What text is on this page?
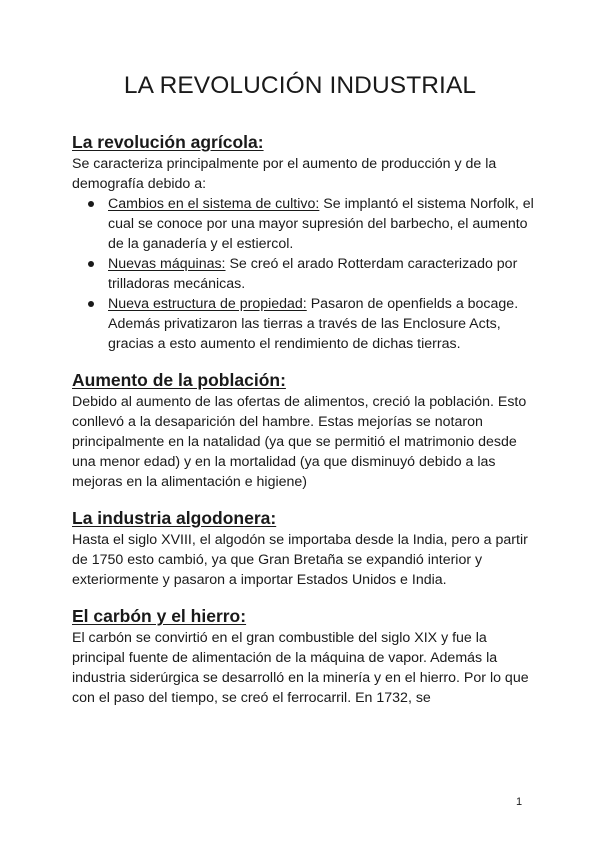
LA REVOLUCIÓN INDUSTRIAL
La revolución agrícola:

Se caracteriza principalmente por el aumento de producción y de la demografía debido a:

Cambios en el sistema de cultivo: Se implantó el sistema Norfolk, el cual se conoce por una mayor supresión del barbecho, el aumento de la ganadería y el estiercol.
Nuevas máquinas: Se creó el arado Rotterdam caracterizado por trilladoras mecánicas.
Nueva estructura de propiedad: Pasaron de openfields a bocage. Además privatizaron las tierras a través de las Enclosure Acts, gracias a esto aumento el rendimiento de dichas tierras.
Aumento de la población:

Debido al aumento de las ofertas de alimentos, creció la población. Esto conllevó a la desaparición del hambre. Estas mejorías se notaron principalmente en la natalidad (ya que se permitió el matrimonio desde una menor edad) y en la mortalidad (ya que disminuyó debido a las mejoras en la alimentación e higiene)

La industria algodonera:

Hasta el siglo XVIII, el algodón se importaba desde la India, pero a partir de 1750 esto cambió, ya que Gran Bretaña se expandió interior y exteriormente y pasaron a importar Estados Unidos e India.

El carbón y el hierro:

El carbón se convirtió en el gran combustible del siglo XIX y fue la principal fuente de alimentación de la máquina de vapor. Además la industria siderúrgica se desarrolló en la minería y en el hierro. Por lo que con el paso del tiempo, se creó el ferrocarril. En 1732, se

1
